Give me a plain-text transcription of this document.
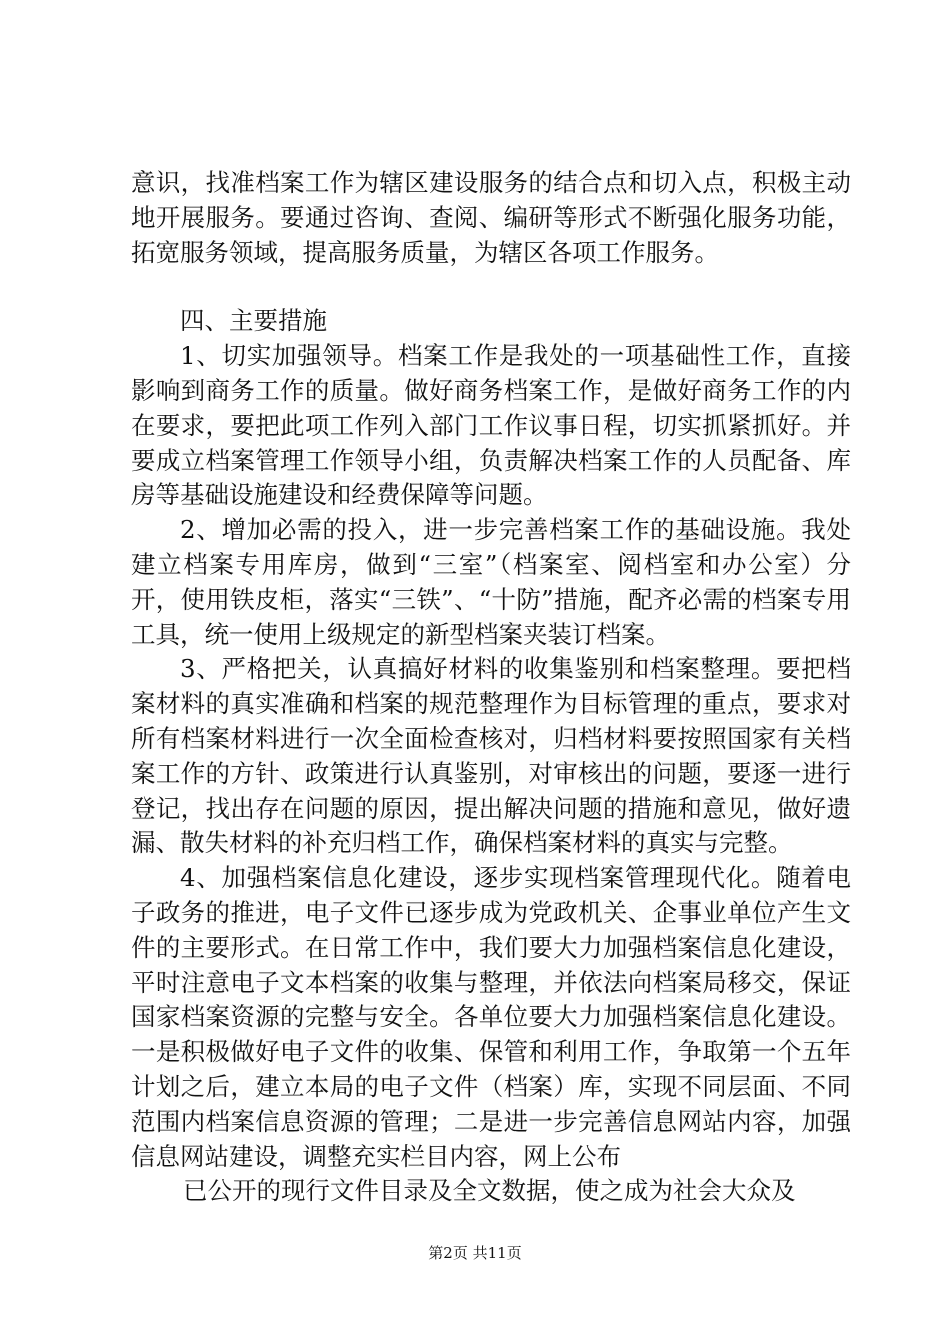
意识，找准档案工作为辖区建设服务的结合点和切入点，积极主动地开展服务。要通过咨询、查阅、编研等形式不断强化服务功能，拓宽服务领域，提高服务质量，为辖区各项工作服务。

四、主要措施

1、切实加强领导。档案工作是我处的一项基础性工作，直接影响到商务工作的质量。做好商务档案工作，是做好商务工作的内在要求，要把此项工作列入部门工作议事日程，切实抓紧抓好。并要成立档案管理工作领导小组，负责解决档案工作的人员配备、库房等基础设施建设和经费保障等问题。

2、增加必需的投入，进一步完善档案工作的基础设施。我处建立档案专用库房，做到“三室”（档案室、阅档室和办公室）分开，使用铁皮柜，落实“三铁”、“十防”措施，配齐必需的档案专用工具，统一使用上级规定的新型档案夹装订档案。

3、严格把关，认真搞好材料的收集鉴别和档案整理。要把档案材料的真实准确和档案的规范整理作为目标管理的重点，要求对所有档案材料进行一次全面检查核对，归档材料要按照国家有关档案工作的方针、政策进行认真鉴别，对审核出的问题，要逐一进行登记，找出存在问题的原因，提出解决问题的措施和意见，做好遗漏、散失材料的补充归档工作，确保档案材料的真实与完整。

4、加强档案信息化建设，逐步实现档案管理现代化。随着电子政务的推进，电子文件已逐步成为党政机关、企事业单位产生文件的主要形式。在日常工作中，我们要大力加强档案信息化建设，平时注意电子文本档案的收集与整理，并依法向档案局移交，保证国家档案资源的完整与安全。各单位要大力加强档案信息化建设。一是积极做好电子文件的收集、保管和利用工作，争取第一个五年计划之后，建立本局的电子文件（档案）库，实现不同层面、不同范围内档案信息资源的管理；二是进一步完善信息网站内容，加强信息网站建设，调整充实栏目内容，网上公布

已公开的现行文件目录及全文数据，使之成为社会大众及

第2页 共11页
